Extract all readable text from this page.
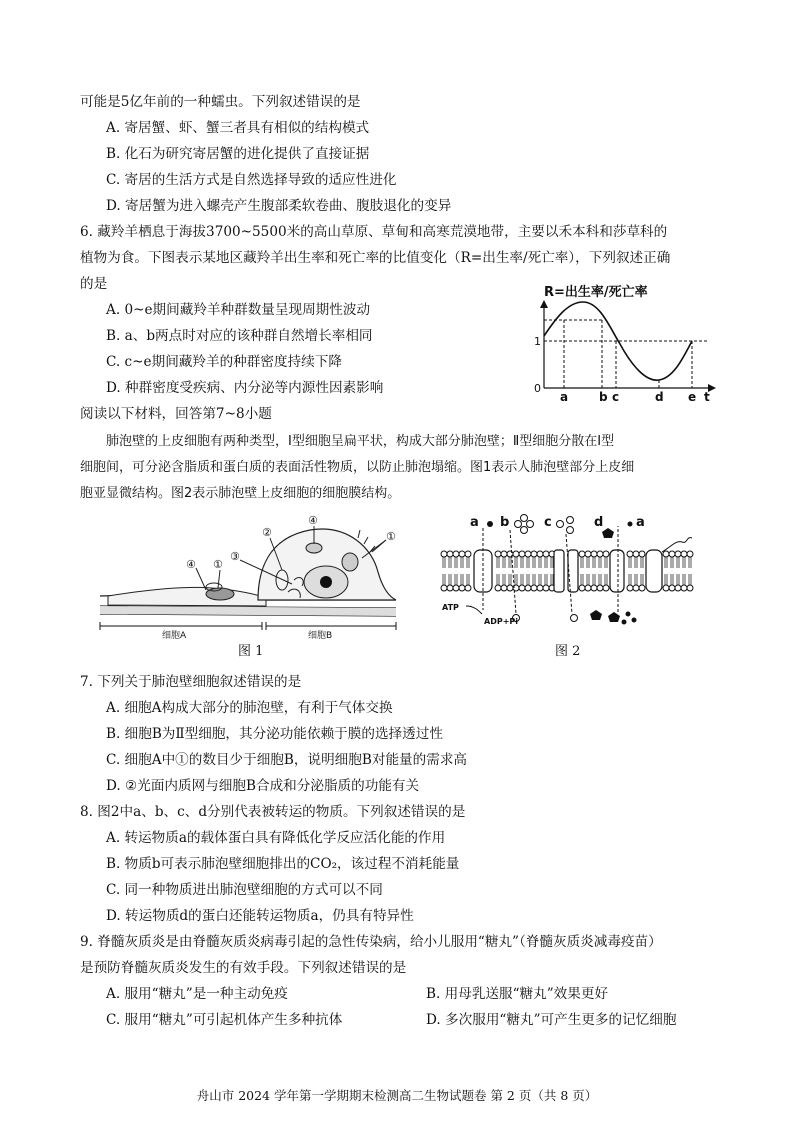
可能是5亿年前的一种蠕虫。下列叙述错误的是
A. 寄居蟹、虾、蟹三者具有相似的结构模式
B. 化石为研究寄居蟹的进化提供了直接证据
C. 寄居的生活方式是自然选择导致的适应性进化
D. 寄居蟹为进入螺壳产生腹部柔软卷曲、腹肢退化的变异
6. 藏羚羊栖息于海拔3700~5500米的高山草原、草甸和高寒荒漠地带，主要以禾本科和莎草科的
植物为食。下图表示某地区藏羚羊出生率和死亡率的比值变化（R=出生率/死亡率），下列叙述正确
的是
A. 0~e期间藏羚羊种群数量呈现周期性波动
B. a、b两点时对应的该种群自然增长率相同
C. c~e期间藏羚羊的种群密度持续下降
D. 种群密度受疾病、内分泌等内源性因素影响
R=出生率/死亡率
1
0
a	b c	d e t
阅读以下材料，回答第7~8小题
肺泡壁的上皮细胞有两种类型，Ⅰ型细胞呈扁平状，构成大部分肺泡壁；Ⅱ型细胞分散在Ⅰ型
细胞间，可分泌含脂质和蛋白质的表面活性物质，以防止肺泡塌缩。图1表示人肺泡壁部分上皮细
胞亚显微结构。图2表示肺泡壁上皮细胞的细胞膜结构。
①
②
③
④
④
①
细胞A	细胞B
图 1
a b	c	d	a
ATP
ADP+Pi
图 2
7. 下列关于肺泡壁细胞叙述错误的是
A. 细胞A构成大部分的肺泡壁，有利于气体交换
B. 细胞B为Ⅱ型细胞，其分泌功能依赖于膜的选择透过性
C. 细胞A中①的数目少于细胞B，说明细胞B对能量的需求高
D. ②光面内质网与细胞B合成和分泌脂质的功能有关
8. 图2中a、b、c、d分别代表被转运的物质。下列叙述错误的是
A. 转运物质a的载体蛋白具有降低化学反应活化能的作用
B. 物质b可表示肺泡壁细胞排出的CO₂，该过程不消耗能量
C. 同一种物质进出肺泡壁细胞的方式可以不同
D. 转运物质d的蛋白还能转运物质a，仍具有特异性
9. 脊髓灰质炎是由脊髓灰质炎病毒引起的急性传染病，给小儿服用“糖丸”（脊髓灰质炎减毒疫苗）
是预防脊髓灰质炎发生的有效手段。下列叙述错误的是
A. 服用“糖丸”是一种主动免疫	B. 用母乳送服“糖丸”效果更好
C. 服用“糖丸”可引起机体产生多种抗体	D. 多次服用“糖丸”可产生更多的记忆细胞
舟山市 2024 学年第一学期期末检测高二生物试题卷 第 2 页（共 8 页）
